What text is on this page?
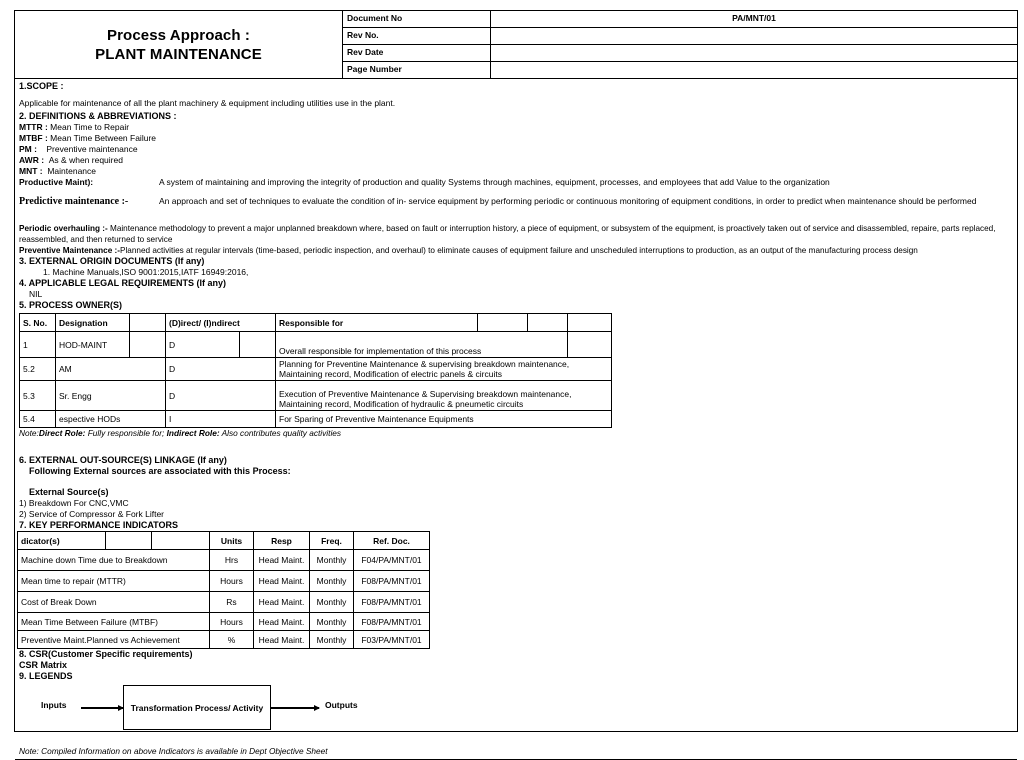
Process Approach :
PLANT MAINTENANCE
Document No	PA/MNT/01
Rev No.
Rev Date
Page Number
1.SCOPE :
Applicable for maintenance of all the plant machinery & equipment including utilities use in the plant.
2. DEFINITIONS & ABBREVIATIONS :
MTTR : Mean Time to Repair
MTBF : Mean Time Between Failure
PM :    Preventive maintenance
AWR :  As & when required
MNT :  Maintenance
Productive Maint):	A system of maintaining and improving the integrity of production and quality Systems through machines, equipment, processes, and employees that add Value to the organization
Predictive maintenance :-	An approach and set of techniques to evaluate the condition of in- service equipment by performing periodic or continuous monitoring of equipment conditions, in order to predict when maintenance should be performed
Periodic overhauling :- Maintenance methodology to prevent a major unplanned breakdown where, based on fault or interruption history, a piece of equipment, or subsystem of the equipment, is proactively taken out of service and disassembled, repaire, parts replaced, reassembled, and then returned to service
Preventive Maintenance :-Planned activities at regular intervals (time-based, periodic inspection, and overhaul) to eliminate causes of equipment failure and unscheduled interruptions to production, as an output of the manufacturing process design
3. EXTERNAL ORIGIN DOCUMENTS (If any)
1. Machine Manuals,ISO 9001:2015,IATF 16949:2016,
4. APPLICABLE LEGAL REQUIREMENTS (If any)
NIL
5. PROCESS OWNER(S)
S. No.	Designation		(D)irect/ (I)ndirect		Responsible for			
1	HOD-MAINT		D		Overall responsible for implementation of this process			
5.2	AM		D		Planning for Preventine Maintenance & supervising breakdown maintenance,
Maintaining record, Modification of electric panels & circuits			

5.3	Sr. Engg		D		Execution of Preventive Maintenance & Supervising breakdown maintenance,
Maintaining record, Modification of hydraulic & pneumetic circuits			

5.4	espective HODs		I		For Sparing of Preventive Maintenance Equipments			
Note:Direct Role: Fully responsible for; Indirect Role: Also contributes quality activities
6. EXTERNAL OUT-SOURCE(S) LINKAGE (If any)
Following External sources are associated with this Process:
External Source(s)
1) Breakdown For CNC,VMC
2) Service of Compressor & Fork Lifter
7. KEY PERFORMANCE INDICATORS
dicator(s)			Units	Resp	Freq.	Ref. Doc.
Machine down Time due to Breakdown			Hrs	Head Maint.	Monthly	F04/PA/MNT/01
Mean time to repair (MTTR)			Hours	Head Maint.	Monthly	F08/PA/MNT/01
Cost of Break Down			Rs	Head Maint.	Monthly	F08/PA/MNT/01
Mean Time Between Failure (MTBF)			Hours	Head Maint.	Monthly	F08/PA/MNT/01
Preventive Maint.Planned vs Achievement			%	Head Maint.	Monthly	F03/PA/MNT/01
8. CSR(Customer Specific requirements)
CSR Matrix
9. LEGENDS
Inputs	Transformation Process/ Activity	Outputs
Note: Compiled Information on above Indicators is available in Dept Objective Sheet
